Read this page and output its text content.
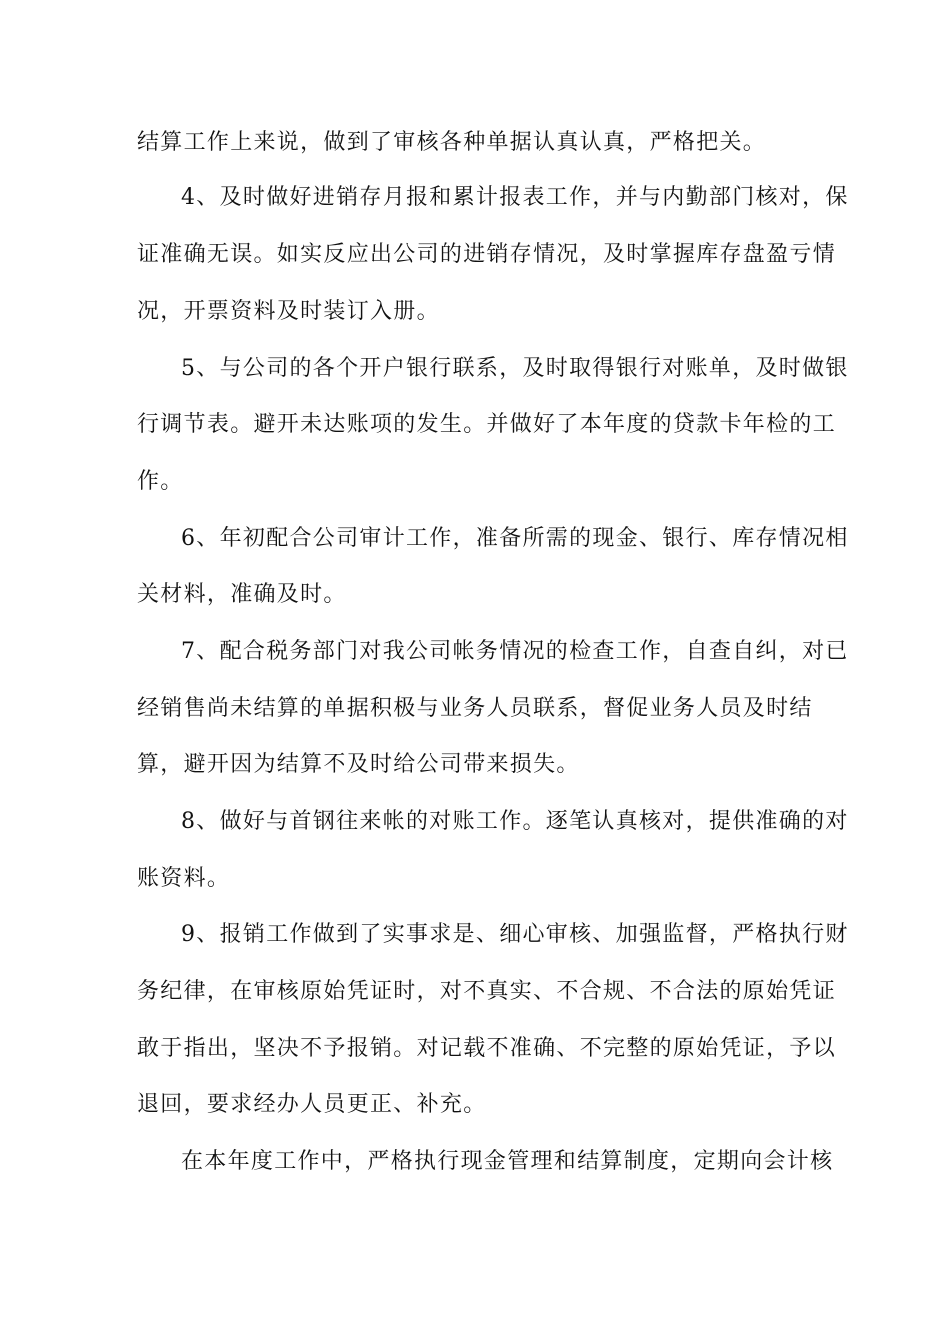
结算工作上来说，做到了审核各种单据认真认真，严格把关。

4、及时做好进销存月报和累计报表工作，并与内勤部门核对，保

证准确无误。如实反应出公司的进销存情况，及时掌握库存盘盈亏情

况，开票资料及时装订入册。

5、与公司的各个开户银行联系，及时取得银行对账单，及时做银

行调节表。避开未达账项的发生。并做好了本年度的贷款卡年检的工

作。

6、年初配合公司审计工作，准备所需的现金、银行、库存情况相

关材料，准确及时。

7、配合税务部门对我公司帐务情况的检查工作，自查自纠，对已

经销售尚未结算的单据积极与业务人员联系，督促业务人员及时结

算，避开因为结算不及时给公司带来损失。

8、做好与首钢往来帐的对账工作。逐笔认真核对，提供准确的对

账资料。

9、报销工作做到了实事求是、细心审核、加强监督，严格执行财

务纪律，在审核原始凭证时，对不真实、不合规、不合法的原始凭证

敢于指出，坚决不予报销。对记载不准确、不完整的原始凭证，予以

退回，要求经办人员更正、补充。

在本年度工作中，严格执行现金管理和结算制度，定期向会计核
